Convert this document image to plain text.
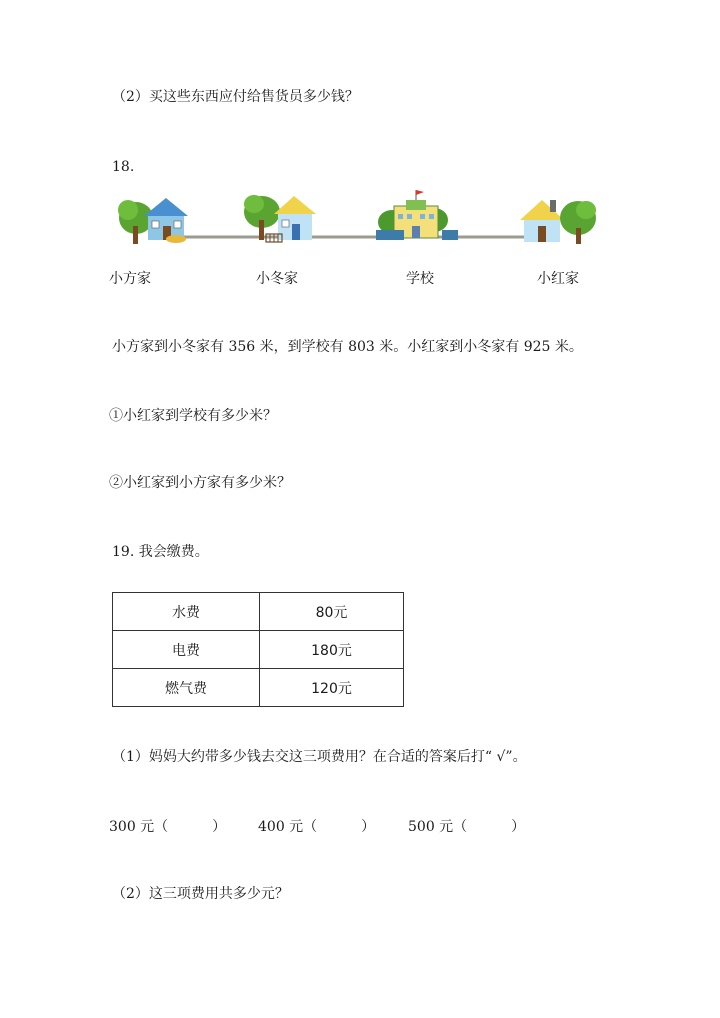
（2）买这些东西应付给售货员多少钱？
18.
小方家	小冬家	学校	小红家
小方家到小冬家有 356 米，到学校有 803 米。小红家到小冬家有 925 米。
①小红家到学校有多少米？
②小红家到小方家有多少米？
19. 我会缴费。
水费	80元
电费	180元
燃气费	120元
（1）妈妈大约带多少钱去交这三项费用？在合适的答案后打“ √”。
300 元（	） 400 元（	） 500 元（	）
（2）这三项费用共多少元？
